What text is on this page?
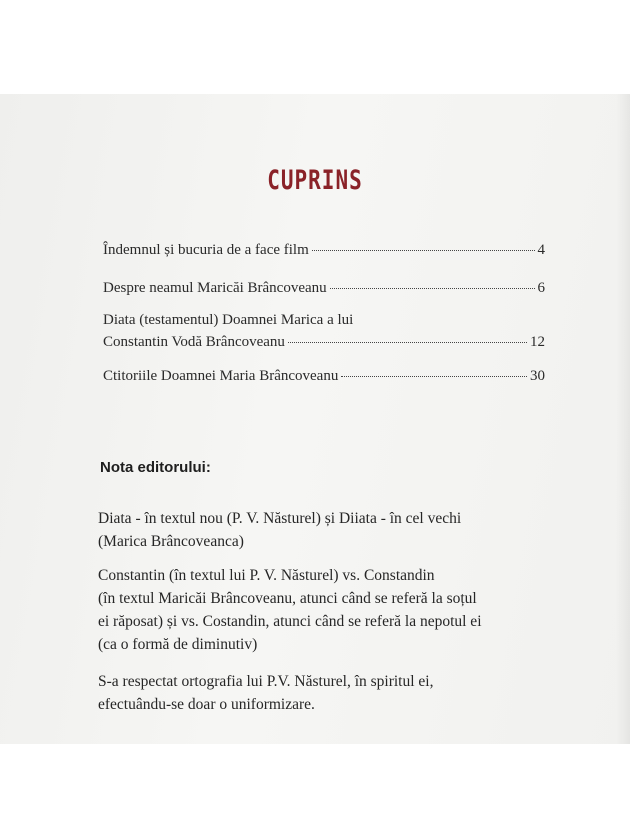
CUPRINS
Îndemnul și bucuria de a face film	4
Despre neamul Maricăi Brâncoveanu	6
Diata (testamentul) Doamnei Marica a lui
Constantin Vodă Brâncoveanu	12
Ctitoriile Doamnei Maria Brâncoveanu	30
Nota editorului:
Diata - în textul nou (P. V. Năsturel) și Diiata - în cel vechi
(Marica Brâncoveanca)
Constantin (în textul lui P. V. Năsturel) vs. Constandin
(în textul Maricăi Brâncoveanu, atunci când se referă la soțul
ei răposat) și vs. Costandin, atunci când se referă la nepotul ei
(ca o formă de diminutiv)
S-a respectat ortografia lui P.V. Năsturel, în spiritul ei,
efectuându-se doar o uniformizare.
